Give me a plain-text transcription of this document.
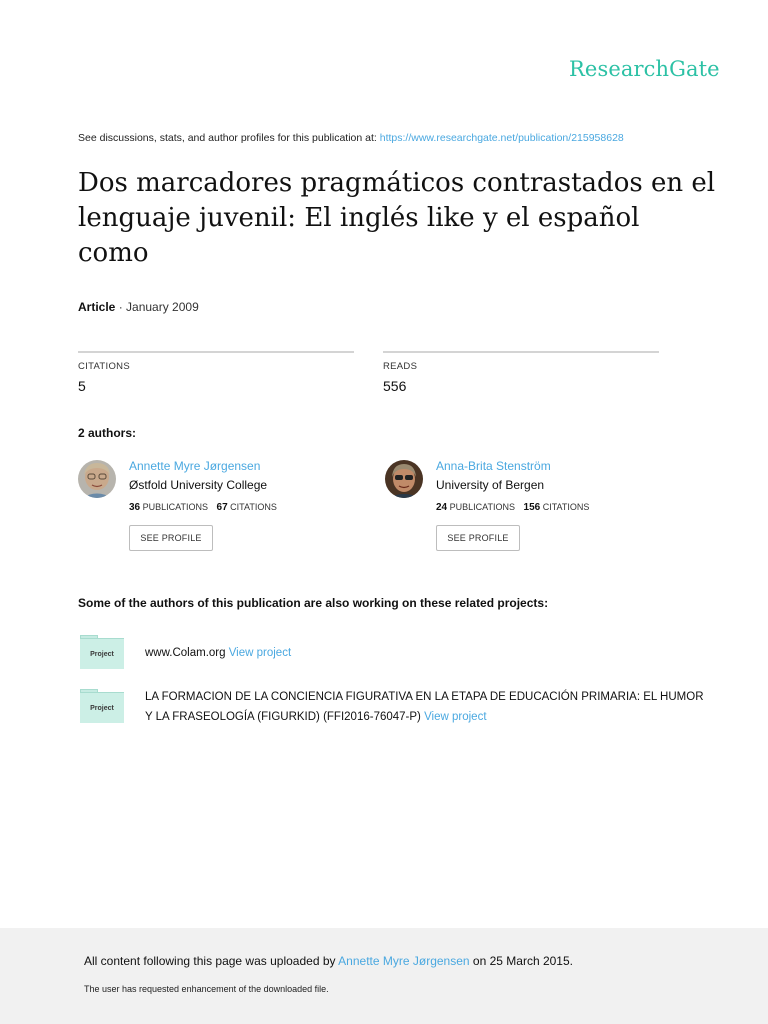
ResearchGate
See discussions, stats, and author profiles for this publication at: https://www.researchgate.net/publication/215958628
Dos marcadores pragmáticos contrastados en el lenguaje juvenil: El inglés like y el español como
Article · January 2009
CITATIONS
5
READS
556
2 authors:
Annette Myre Jørgensen
Østfold University College
36 PUBLICATIONS 67 CITATIONS
SEE PROFILE
Anna-Brita Stenström
University of Bergen
24 PUBLICATIONS 156 CITATIONS
SEE PROFILE
Some of the authors of this publication are also working on these related projects:
Project	www.Colam.org View project
Project
LA FORMACION DE LA CONCIENCIA FIGURATIVA EN LA ETAPA DE EDUCACIÓN PRIMARIA: EL HUMOR Y LA FRASEOLOGÍA (FIGURKID) (FFI2016-76047-P) View project
All content following this page was uploaded by Annette Myre Jørgensen on 25 March 2015.
The user has requested enhancement of the downloaded file.
